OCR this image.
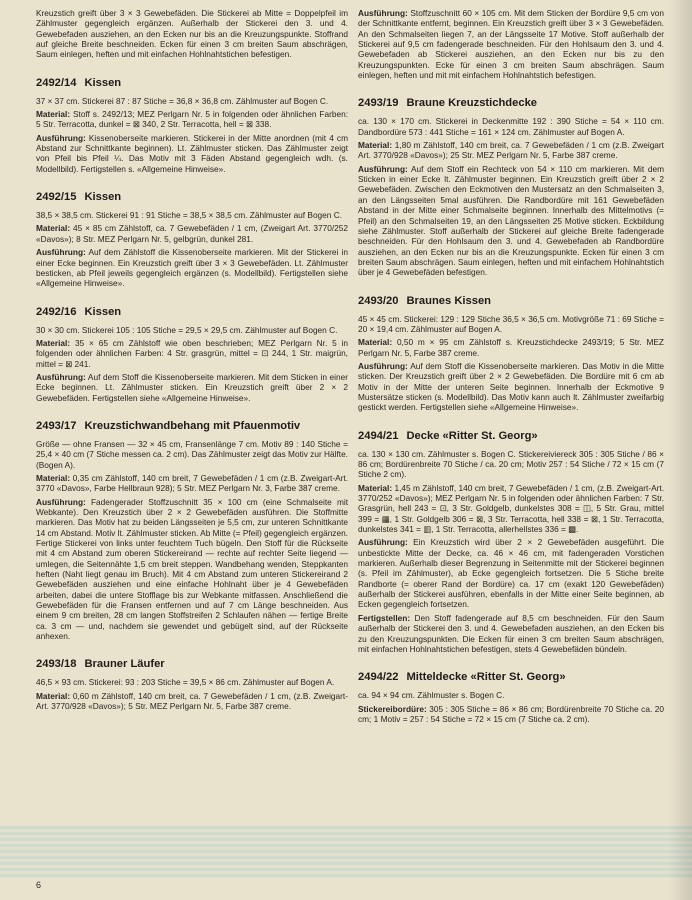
Kreuzstich greift über 3 × 3 Gewebefäden. Die Stickerei ab Mitte = Doppelpfeil im Zählmuster gegengleich ergänzen. Außerhalb der Stickerei den 3. und 4. Gewebefaden ausziehen, an den Ecken nur bis an die Kreuzungspunkte. Stoffrand auf gleiche Breite beschneiden. Ecken für einen 3 cm breiten Saum abschrägen, Saum einlegen, heften und mit einfachen Hohlnahtstichen befestigen.

2492/14 Kissen

37 × 37 cm. Stickerei 87 : 87 Stiche = 36,8 × 36,8 cm. Zählmuster auf Bogen C.

Material: Stoff s. 2492/13; MEZ Perlgarn Nr. 5 in folgenden oder ähnlichen Farben: 5 Str. Terracotta, dunkel = ⊠ 340, 2 Str. Terracotta, hell = ⊠ 338.

Ausführung: Kissenoberseite markieren. Stickerei in der Mitte anordnen (mit 4 cm Abstand zur Schnittkante beginnen). Lt. Zählmuster sticken. Das Zählmuster zeigt von Pfeil bis Pfeil ¼. Das Motiv mit 3 Fäden Abstand gegengleich wdh. (s. Modellbild). Fertigstellen s. «Allgemeine Hinweise».

2492/15 Kissen

38,5 × 38,5 cm. Stickerei 91 : 91 Stiche = 38,5 × 38,5 cm. Zählmuster auf Bogen C.

Material: 45 × 85 cm Zählstoff, ca. 7 Gewebefäden / 1 cm, (Zweigart Art. 3770/252 «Davos»); 8 Str. MEZ Perlgarn Nr. 5, gelbgrün, dunkel 281.

Ausführung: Auf dem Zählstoff die Kissenoberseite markieren. Mit der Stickerei in einer Ecke beginnen. Ein Kreuzstich greift über 3 × 3 Gewebefäden. Lt. Zählmuster besticken, ab Pfeil jeweils gegengleich ergänzen (s. Modellbild). Fertigstellen siehe «Allgemeine Hinweise».

2492/16 Kissen

30 × 30 cm. Stickerei 105 : 105 Stiche = 29,5 × 29,5 cm. Zählmuster auf Bogen C.

Material: 35 × 65 cm Zählstoff wie oben beschrieben; MEZ Perlgarn Nr. 5 in folgenden oder ähnlichen Farben: 4 Str. grasgrün, mittel = ⊡ 244, 1 Str. maigrün, mittel = ⊠ 241.

Ausführung: Auf dem Stoff die Kissenoberseite markieren. Mit dem Sticken in einer Ecke beginnen. Lt. Zählmuster sticken. Ein Kreuzstich greift über 2 × 2 Gewebefäden. Fertigstellen siehe «Allgemeine Hinweise».

2493/17 Kreuzstichwandbehang mit Pfauenmotiv

Größe — ohne Fransen — 32 × 45 cm, Fransenlänge 7 cm. Motiv 89 : 140 Stiche = 25,4 × 40 cm (7 Stiche messen ca. 2 cm). Das Zählmuster zeigt das Motiv zur Hälfte. (Bogen A).

Material: 0,35 cm Zählstoff, 140 cm breit, 7 Gewebefäden / 1 cm (z.B. Zweigart-Art. 3770 «Davos», Farbe Hellbraun 928); 5 Str. MEZ Perlgarn Nr. 3, Farbe 387 creme.

Ausführung: Fadengerader Stoffzuschnitt 35 × 100 cm (eine Schmalseite mit Webkante). Den Kreuzstich über 2 × 2 Gewebefäden ausführen. Die Stoffmitte markieren. Das Motiv hat zu beiden Längsseiten je 5,5 cm, zur unteren Schnittkante 14 cm Abstand. Motiv lt. Zählmuster sticken. Ab Mitte (= Pfeil) gegengleich ergänzen. Fertige Stickerei von links unter feuchtem Tuch bügeln. Den Stoff für die Rückseite mit 4 cm Abstand zum oberen Stickereirand — rechte auf rechter Seite liegend — umlegen, die Seitennähte 1,5 cm breit steppen. Wandbehang wenden, Steppkanten heften (Naht liegt genau im Bruch). Mit 4 cm Abstand zum unteren Stickereirand 2 Gewebefäden ausziehen und eine einfache Hohlnaht über je 4 Gewebefäden arbeiten, dabei die untere Stofflage bis zur Webkante mitfassen. Anschließend die Gewebefäden für die Fransen entfernen und auf 7 cm Länge beschneiden. Aus einem 9 cm breiten, 28 cm langen Stoffstreifen 2 Schlaufen nähen — fertige Breite ca. 3 cm — und, nachdem sie gewendet und gebügelt sind, auf der Rückseite anhexen.

2493/18 Brauner Läufer

46,5 × 93 cm. Stickerei: 93 : 203 Stiche = 39,5 × 86 cm. Zählmuster auf Bogen A.

Material: 0,60 m Zählstoff, 140 cm breit, ca. 7 Gewebefäden / 1 cm, (z.B. Zweigart-Art. 3770/928 «Davos»); 5 Str. MEZ Perlgarn Nr. 5, Farbe 387 creme.

Ausführung: Stoffzuschnitt 60 × 105 cm. Mit dem Sticken der Bordüre 9,5 cm von der Schnittkante entfernt, beginnen. Ein Kreuzstich greift über 3 × 3 Gewebefäden. An den Schmalseiten liegen 7, an der Längsseite 17 Motive. Stoff außerhalb der Stickerei auf 9,5 cm fadengerade beschneiden. Für den Hohlsaum den 3. und 4. Gewebefaden ab Stickerei ausziehen, an den Ecken nur bis zu den Kreuzungspunkten. Ecke für einen 3 cm breiten Saum abschrägen. Saum einlegen, heften und mit mit einfachem Hohlnahtstich befestigen.

2493/19 Braune Kreuzstichdecke

ca. 130 × 170 cm. Stickerei in Deckenmitte 192 : 390 Stiche = 54 × 110 cm. Dandbordüre 573 : 441 Stiche = 161 × 124 cm. Zählmuster auf Bogen A.

Material: 1,80 m Zählstoff, 140 cm breit, ca. 7 Gewebefäden / 1 cm (z.B. Zweigart Art. 3770/928 «Davos»); 25 Str. MEZ Perlgarn Nr. 5, Farbe 387 creme.

Ausführung: Auf dem Stoff ein Rechteck von 54 × 110 cm markieren. Mit dem Sticken in einer Ecke lt. Zählmuster beginnen. Ein Kreuzstich greift über 2 × 2 Gewebefäden. Zwischen den Eckmotiven den Mustersatz an den Schmalseiten 3, an den Längsseiten 5mal ausführen. Die Randbordüre mit 161 Gewebefäden Abstand in der Mitte einer Schmalseite beginnen. Innerhalb des Mittelmotivs (= Pfeil) an den Schmalseiten 19, an den Längsseiten 25 Motive sticken. Eckbildung siehe Zählmuster. Stoff außerhalb der Stickerei auf gleiche Breite fadengerade beschneiden. Für den Hohlsaum den 3. und 4. Gewebefaden ab Randbordüre ausziehen, an den Ecken nur bis an die Kreuzungspunkte. Ecken für einen 3 cm breiten Saum abschrägen. Saum einlegen, heften und mit einfachem Hohlnahtstich über je 4 Gewebefäden befestigen.

2493/20 Braunes Kissen

45 × 45 cm. Stickerei: 129 : 129 Stiche 36,5 × 36,5 cm. Motivgröße 71 : 69 Stiche = 20 × 19,4 cm. Zählmuster auf Bogen A.

Material: 0,50 m × 95 cm Zählstoff s. Kreuzstichdecke 2493/19; 5 Str. MEZ Perlgarn Nr. 5, Farbe 387 creme.

Ausführung: Auf dem Stoff die Kissenoberseite markieren. Das Motiv in die Mitte sticken. Der Kreuzstich greift über 2 × 2 Gewebefäden. Die Bordüre mit 6 cm ab Motiv in der Mitte der unteren Seite beginnen. Innerhalb der Eckmotive 9 Mustersätze sticken (s. Modellbild). Das Motiv kann auch lt. Zählmuster zweifarbig gestickt werden. Fertigstellen siehe «Allgemeine Hinweise».

2494/21 Decke «Ritter St. Georg»

ca. 130 × 130 cm. Zählmuster s. Bogen C. Stickereiviereck 305 : 305 Stiche / 86 × 86 cm; Bordürenbreite 70 Stiche / ca. 20 cm; Motiv 257 : 54 Stiche / 72 × 15 cm (7 Stiche 2 cm).

Material: 1,45 m Zählstoff, 140 cm breit, 7 Gewebefäden / 1 cm, (z.B. Zweigart-Art. 3770/252 «Davos»); MEZ Perlgarn Nr. 5 in folgenden oder ähnlichen Farben: 7 Str. Grasgrün, hell 243 = ⊡, 3 Str. Goldgelb, dunkelstes 308 = ◫, 5 Str. Grau, mittel 399 = ▦, 1 Str. Goldgelb 306 = ⊠, 3 Str. Terracotta, hell 338 = ⊠, 1 Str. Terracotta, dunkelstes 341 = ▥, 1 Str. Terracotta, allerhellstes 336 = ▩.

Ausführung: Ein Kreuzstich wird über 2 × 2 Gewebefäden ausgeführt. Die unbestickte Mitte der Decke, ca. 46 × 46 cm, mit fadengeraden Vorstichen markieren. Außerhalb dieser Begrenzung in Seitenmitte mit der Stickerei beginnen (s. Pfeil im Zählmuster), ab Ecke gegengleich fortsetzen. Die 5 Stiche breite Randborte (= oberer Rand der Bordüre) ca. 17 cm (exakt 120 Gewebefäden) außerhalb der Stickerei ausführen, ebenfalls in der Mitte einer Seite beginnen, ab Ecken gegengleich fortsetzen.

Fertigstellen: Den Stoff fadengerade auf 8,5 cm beschneiden. Für den Saum außerhalb der Stickerei den 3. und 4. Gewebefaden ausziehen, an den Ecken bis zu den Kreuzungspunkten. Die Ecken für einen 3 cm breiten Saum abschrägen, mit einfachen Hohlnahtstichen befestigen, stets 4 Gewebefäden bündeln.

2494/22 Mitteldecke «Ritter St. Georg»

ca. 94 × 94 cm. Zählmuster s. Bogen C.

Stickereibordüre: 305 : 305 Stiche = 86 × 86 cm; Bordürenbreite 70 Stiche ca. 20 cm; 1 Motiv = 257 : 54 Stiche = 72 × 15 cm (7 Stiche ca. 2 cm).

6
